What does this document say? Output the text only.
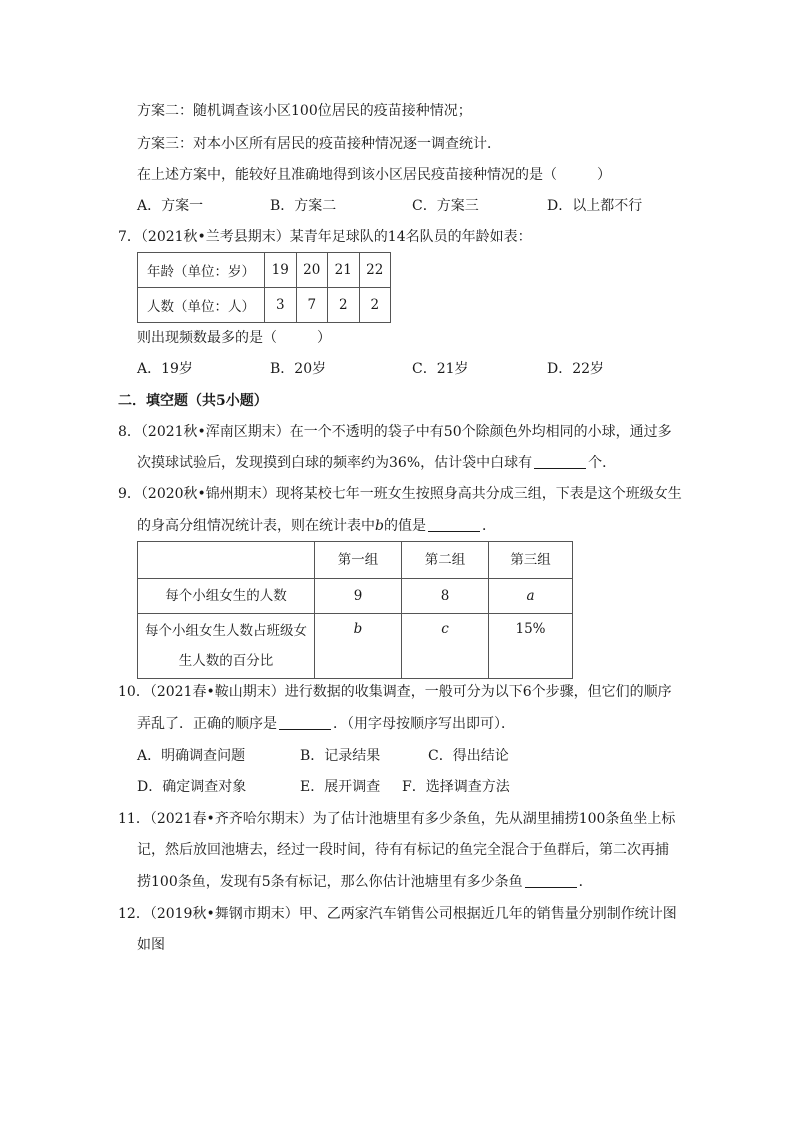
方案二：随机调查该小区100位居民的疫苗接种情况；
方案三：对本小区所有居民的疫苗接种情况逐一调查统计．
在上述方案中，能较好且准确地得到该小区居民疫苗接种情况的是（	）
A．方案一	B．方案二	C．方案三	D．以上都不行
7．（2021秋•兰考县期末）某青年足球队的14名队员的年龄如表：
年龄（单位：岁）	19	20	21	22
人数（单位：人）	3	7	2	2
则出现频数最多的是（	）
A．19岁	B．20岁	C．21岁	D．22岁
二．填空题（共5小题）
8．（2021秋•浑南区期末）在一个不透明的袋子中有50个除颜色外均相同的小球，通过多
次摸球试验后，发现摸到白球的频率约为36%，估计袋中白球有	个．
9．（2020秋•锦州期末）现将某校七年一班女生按照身高共分成三组，下表是这个班级女生
的身高分组情况统计表，则在统计表中b的值是	．
	第一组	第二组	第三组
每个小组女生的人数	9	8	a

每个小组女生人数占班级女
生人数的百分比	b	c	15%
10．（2021春•鞍山期末）进行数据的收集调查，一般可分为以下6个步骤，但它们的顺序
弄乱了．正确的顺序是	．（用字母按顺序写出即可）．
A．明确调查问题	B．记录结果	C．得出结论
D．确定调查对象	E．展开调查 F．选择调查方法
11．（2021春•齐齐哈尔期末）为了估计池塘里有多少条鱼，先从湖里捕捞100条鱼坐上标
记，然后放回池塘去，经过一段时间，待有有标记的鱼完全混合于鱼群后，第二次再捕
捞100条鱼，发现有5条有标记，那么你估计池塘里有多少条鱼	．
12．（2019秋•舞钢市期末）甲、乙两家汽车销售公司根据近几年的销售量分别制作统计图
如图
